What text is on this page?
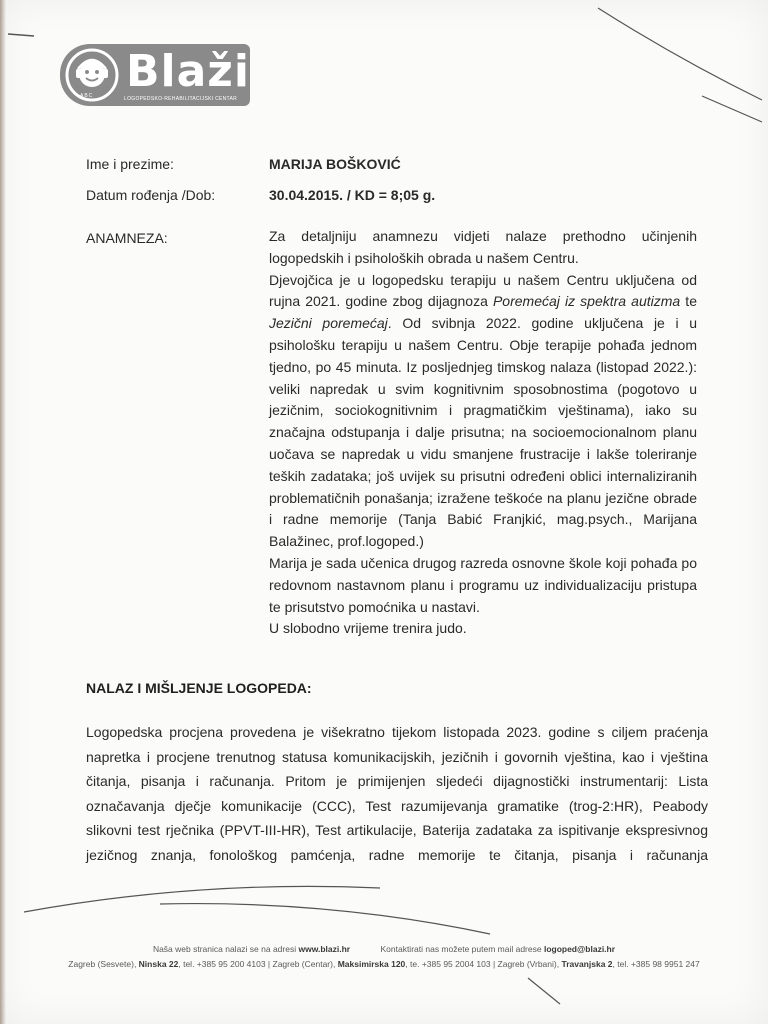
ABC Blaži
LOGOPEDSKO-REHABILITACIJSKI CENTAR
Ime i prezime:	MARIJA BOŠKOVIĆ
Datum rođenja /Dob:	30.04.2015. / KD = 8;05 g.
ANAMNEZA:	Za detaljniju anamnezu vidjeti nalaze prethodno učinjenih logopedskih i psiholoških obrada u našem Centru.

Djevojčica je u logopedsku terapiju u našem Centru uključena od rujna 2021. godine zbog dijagnoza Poremećaj iz spektra autizma te Jezični poremećaj. Od svibnja 2022. godine uključena je i u psihološku terapiju u našem Centru. Obje terapije pohađa jednom tjedno, po 45 minuta. Iz posljednjeg timskog nalaza (listopad 2022.): veliki napredak u svim kognitivnim sposobnostima (pogotovo u jezičnim, sociokognitivnim i pragmatičkim vještinama), iako su značajna odstupanja i dalje prisutna; na socioemocionalnom planu uočava se napredak u vidu smanjene frustracije i lakše toleriranje teških zadataka; još uvijek su prisutni određeni oblici internaliziranih problematičnih ponašanja; izražene teškoće na planu jezične obrade i radne memorije (Tanja Babić Franjkić, mag.psych., Marijana Balažinec, prof.logoped.)

Marija je sada učenica drugog razreda osnovne škole koji pohađa po redovnom nastavnom planu i programu uz individualizaciju pristupa te prisutstvo pomoćnika u nastavi.

U slobodno vrijeme trenira judo.

NALAZ I MIŠLJENJE LOGOPEDA:
Logopedska procjena provedena je višekratno tijekom listopada 2023. godine s ciljem praćenja napretka i procjene trenutnog statusa komunikacijskih, jezičnih i govornih vještina, kao i vještina čitanja, pisanja i računanja. Pritom je primijenjen sljedeći dijagnostički instrumentarij: Lista označavanja dječje komunikacije (CCC), Test razumijevanja gramatike (trog-2:HR), Peabody slikovni test rječnika (PPVT-III-HR), Test artikulacije, Baterija zadataka za ispitivanje ekspresivnog jezičnog znanja, fonološkog pamćenja, radne memorije te čitanja, pisanja i računanja
Naša web stranica nalazi se na adresi www.blazi.hr	Kontaktirati nas možete putem mail adrese logoped@blazi.hr
Zagreb (Sesvete), Ninska 22, tel. +385 95 200 4103 | Zagreb (Centar), Maksimirska 120, te. +385 95 2004 103 | Zagreb (Vrbani), Travanjska 2, tel. +385 98 9951 247
